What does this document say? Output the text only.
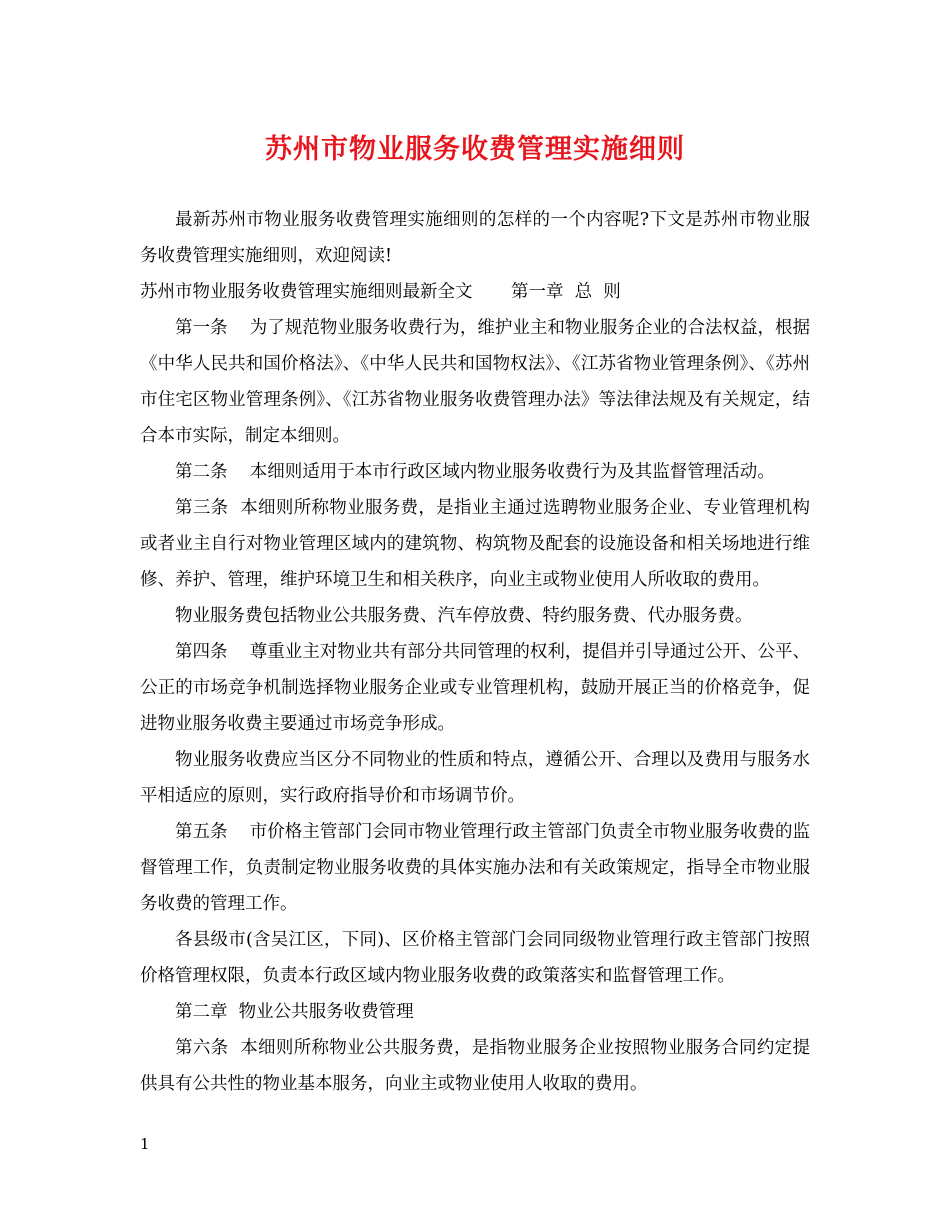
苏州市物业服务收费管理实施细则

最新苏州市物业服务收费管理实施细则的怎样的一个内容呢?下文是苏州市物业服务收费管理实施细则，欢迎阅读!

苏州市物业服务收费管理实施细则最新全文 第一章  总  则

第一条    为了规范物业服务收费行为，维护业主和物业服务企业的合法权益，根据《中华人民共和国价格法》、《中华人民共和国物权法》、《江苏省物业管理条例》、《苏州市住宅区物业管理条例》、《江苏省物业服务收费管理办法》等法律法规及有关规定，结合本市实际，制定本细则。

第二条    本细则适用于本市行政区域内物业服务收费行为及其监督管理活动。

第三条  本细则所称物业服务费，是指业主通过选聘物业服务企业、专业管理机构或者业主自行对物业管理区域内的建筑物、构筑物及配套的设施设备和相关场地进行维修、养护、管理，维护环境卫生和相关秩序，向业主或物业使用人所收取的费用。

物业服务费包括物业公共服务费、汽车停放费、特约服务费、代办服务费。

第四条    尊重业主对物业共有部分共同管理的权利，提倡并引导通过公开、公平、公正的市场竞争机制选择物业服务企业或专业管理机构，鼓励开展正当的价格竞争，促进物业服务收费主要通过市场竞争形成。

物业服务收费应当区分不同物业的性质和特点，遵循公开、合理以及费用与服务水平相适应的原则，实行政府指导价和市场调节价。

第五条    市价格主管部门会同市物业管理行政主管部门负责全市物业服务收费的监督管理工作，负责制定物业服务收费的具体实施办法和有关政策规定，指导全市物业服务收费的管理工作。

各县级市(含吴江区，下同)、区价格主管部门会同同级物业管理行政主管部门按照价格管理权限，负责本行政区域内物业服务收费的政策落实和监督管理工作。

第二章  物业公共服务收费管理

第六条  本细则所称物业公共服务费，是指物业服务企业按照物业服务合同约定提供具有公共性的物业基本服务，向业主或物业使用人收取的费用。

1
